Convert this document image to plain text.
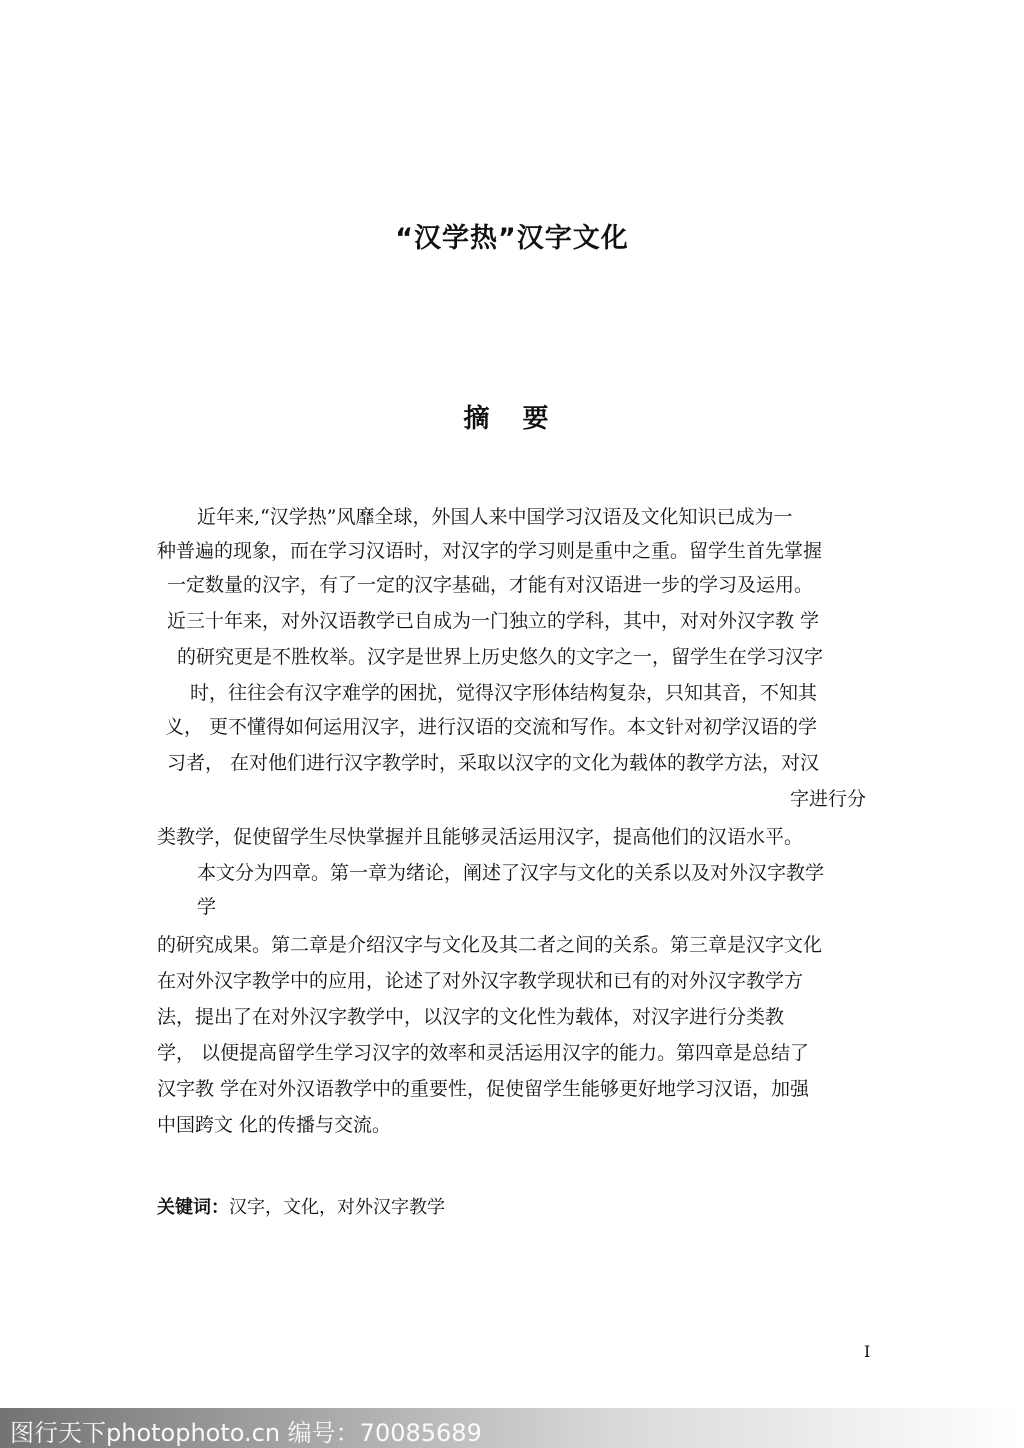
“汉学热”汉字文化
摘 要
近年来,“汉学热”风靡全球，外国人来中国学习汉语及文化知识已成为一
种普遍的现象，而在学习汉语时，对汉字的学习则是重中之重。留学生首先掌握
一定数量的汉字，有了一定的汉字基础，才能有对汉语进一步的学习及运用。
近三十年来，对外汉语教学已自成为一门独立的学科，其中，对对外汉字教 学
的研究更是不胜枚举。汉字是世界上历史悠久的文字之一，留学生在学习汉字
时，往往会有汉字难学的困扰，觉得汉字形体结构复杂，只知其音，不知其
义， 更不懂得如何运用汉字，进行汉语的交流和写作。本文针对初学汉语的学
习者， 在对他们进行汉字教学时，采取以汉字的文化为载体的教学方法，对汉
字进行分
类教学，促使留学生尽快掌握并且能够灵活运用汉字，提高他们的汉语水平。
本文分为四章。第一章为绪论，阐述了汉字与文化的关系以及对外汉字教学
学
的研究成果。第二章是介绍汉字与文化及其二者之间的关系。第三章是汉字文化
在对外汉字教学中的应用，论述了对外汉字教学现状和已有的对外汉字教学方
法，提出了在对外汉字教学中，以汉字的文化性为载体，对汉字进行分类教
学， 以便提高留学生学习汉字的效率和灵活运用汉字的能力。第四章是总结了
汉字教 学在对外汉语教学中的重要性，促使留学生能够更好地学习汉语，加强
中国跨文 化的传播与交流。
关键词：汉字，文化，对外汉字教学
I
图行天下photophoto.cn 编号：70085689
